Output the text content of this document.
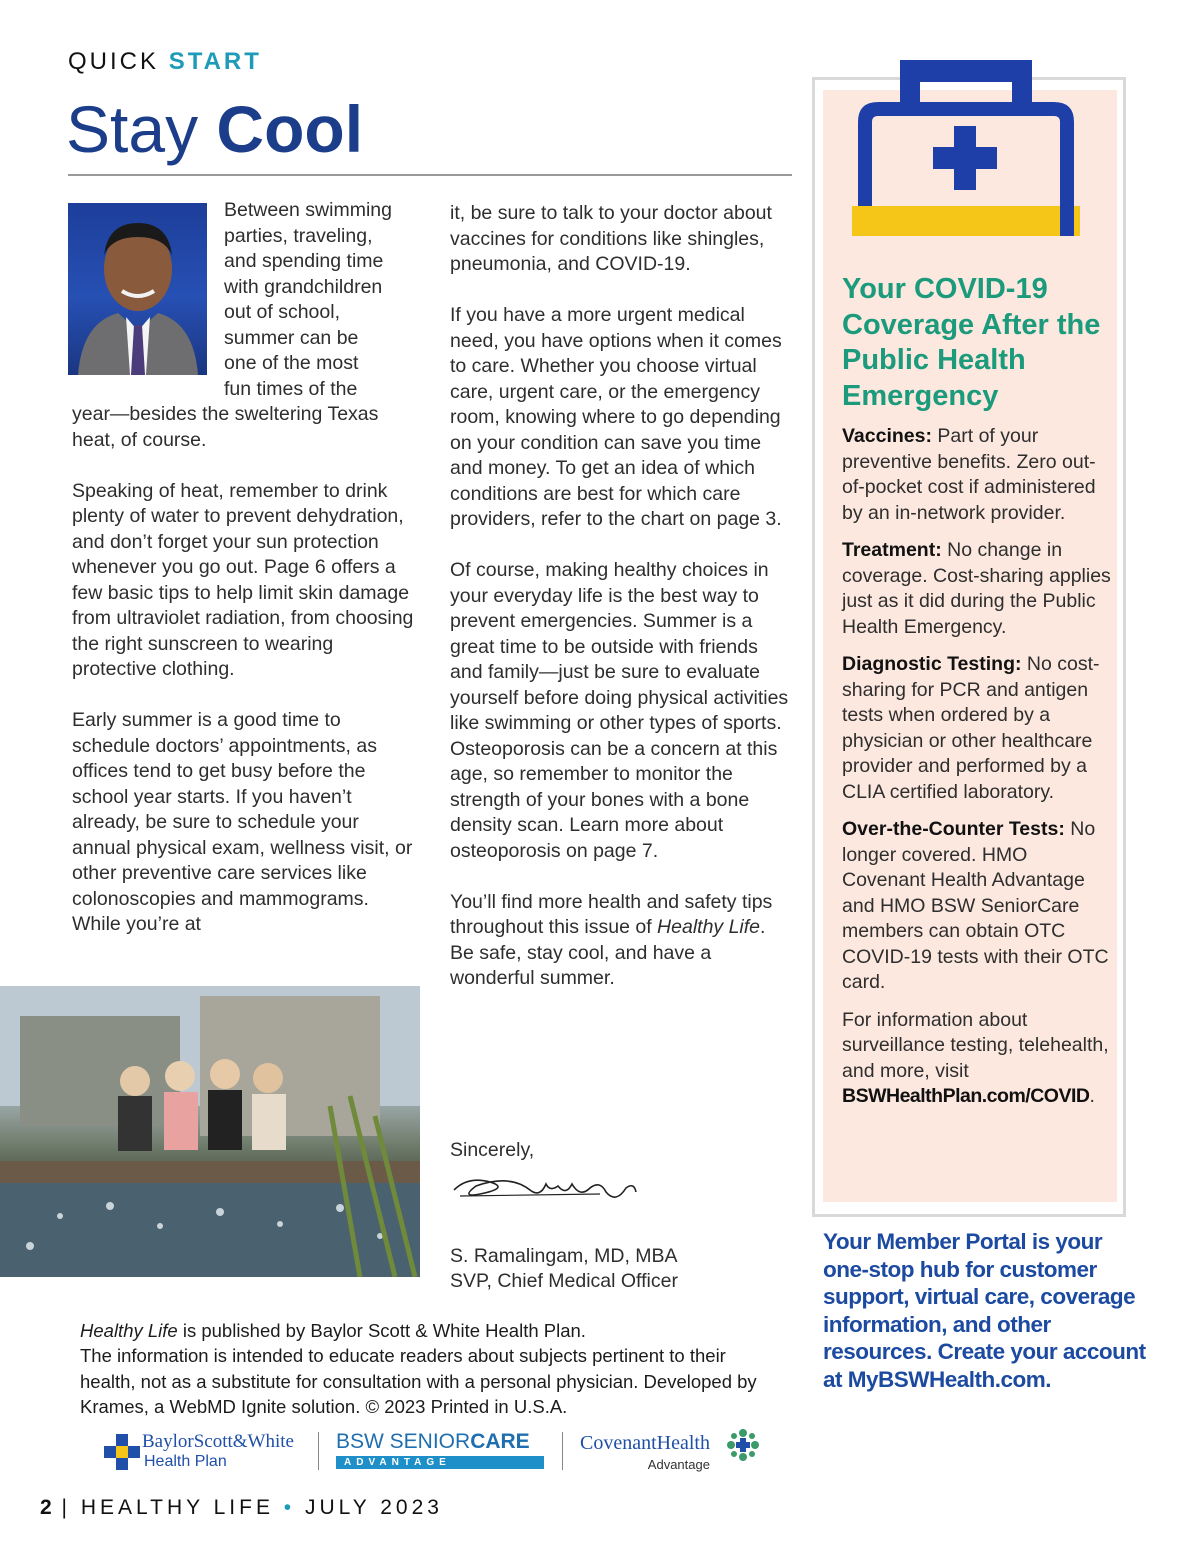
QUICK START
Stay Cool

Between swimming
parties, traveling,
and spending time
with grandchildren
out of school,
summer can be
one of the most
fun times of the
year—besides the sweltering Texas heat, of course.

Speaking of heat, remember to drink plenty of water to prevent dehydration, and don’t forget your sun protection whenever you go out. Page 6 offers a few basic tips to help limit skin damage from ultraviolet radiation, from choosing the right sunscreen to wearing protective clothing.

Early summer is a good time to schedule doctors’ appointments, as offices tend to get busy before the school year starts. If you haven’t already, be sure to schedule your annual physical exam, wellness visit, or other preventive care services like colonoscopies and mammograms. While you’re at

it, be sure to talk to your doctor about vaccines for conditions like shingles, pneumonia, and COVID-19.

If you have a more urgent medical need, you have options when it comes to care. Whether you choose virtual care, urgent care, or the emergency room, knowing where to go depending on your condition can save you time and money. To get an idea of which conditions are best for which care providers, refer to the chart on page 3.

Of course, making healthy choices in your everyday life is the best way to prevent emergencies. Summer is a great time to be outside with friends and family—just be sure to evaluate yourself before doing physical activities like swimming or other types of sports. Osteoporosis can be a concern at this age, so remember to monitor the strength of your bones with a bone density scan. Learn more about osteoporosis on page 7.

You’ll find more health and safety tips throughout this issue of Healthy Life. Be safe, stay cool, and have a wonderful summer.

Sincerely,
S. Ramalingam, MD, MBA
SVP, Chief Medical Officer
Your COVID-19 Coverage After the Public Health Emergency

Vaccines: Part of your preventive benefits. Zero out-of-pocket cost if administered by an in-network provider.

Treatment: No change in coverage. Cost-sharing applies just as it did during the Public Health Emergency.

Diagnostic Testing: No cost-sharing for PCR and antigen tests when ordered by a physician or other healthcare provider and performed by a CLIA certified laboratory.

Over-the-Counter Tests: No longer covered. HMO Covenant Health Advantage and HMO BSW SeniorCare members can obtain OTC COVID-19 tests with their OTC card.

For information about surveillance testing, telehealth, and more, visit BSWHealthPlan.com/COVID.

Your Member Portal is your one-stop hub for customer support, virtual care, coverage information, and other resources. Create your account at MyBSWHealth.com.
Healthy Life is published by Baylor Scott & White Health Plan.
The information is intended to educate readers about subjects pertinent to their health, not as a substitute for consultation with a personal physician. Developed by Krames, a WebMD Ignite solution. © 2023 Printed in U.S.A.
BaylorScott&White
Health Plan
BSW SENIORCARE
ADVANTAGE
CovenantHealth
Advantage
2 | HEALTHY LIFE • JULY 2023
